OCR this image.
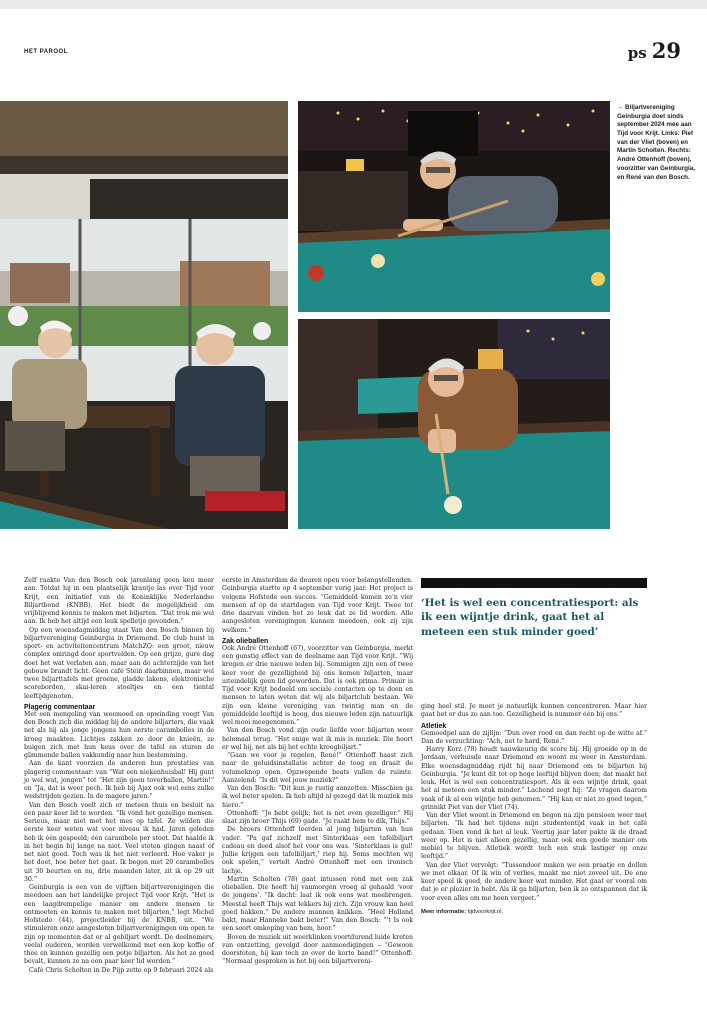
HET PAROOL	ps 29
→ Biljartvereniging Geinburgia doet sinds september 2024 mee aan Tijd voor Krijt. Links: Piet van der Vliet (boven) en Martin Scholten. Rechts: André Ottenhoff (boven), voorzitter van Geinburgia, en René van den Bosch.

Zelf raakte Van den Bosch ook jarenlang geen keu meer aan. Totdat hij in een plaatselijk krantje las over Tijd voor Krijt, een initiatief van de Koninklijke Nederlandse Biljartbond (KNBB). Het biedt de mogelijkheid om vrijblijvend kennis te maken met biljarten. “Dat trok me wel aan. Ik heb het altijd een leuk spelletje gevonden.”

Op een woensdagmiddag staat Van den Bosch binnen bij biljartvereniging Geinburgia in Driemond. De club huist in sport- en activiteitencentrum MatchZO: een groot, nieuw complex omringd door sportvelden. Op een grijze, gure dag doet het wat verlaten aan, maar aan de achterzijde van het gebouw brandt licht. Geen café Stein daarbinnen, maar wel twee biljarttafels met groene, gladde lakens, elektronische scoreborden, skai-leren stoeltjes en een tiental leeftijdgenoten.

Plagerig commentaar

Met een mengeling van weemoed en opwinding voegt Van den Bosch zich die middag bij de andere biljarters, die vaak net als hij als jonge jongens hun eerste carambolles in de kroeg maakten. Lichtjes zakken ze door de knieën, ze buigen zich met hun keus over de tafel en sturen de glimmende ballen vakkundig naar hun bestemming.

Aan de kant voorzien de anderen hun prestaties van plagerig commentaar: van “Wat een niekenhuisbal! Hij gunt je wel wat, jongen” tot “Het zijn geen toverballen, Martin!” en “Ja, dat is weer pech. Ik heb bij Ajax ook wel eens zulke wedstrijden gezien. In de magere jaren.”

Van den Bosch voelt zich er meteen thuis en besluit na een paar keer lid te worden. “Ik vond het gezellige mensen. Serieus, maar niet met het mes op tafel. Ze wilden die eerste keer weten wat voor niveau ik had. Jaren geleden heb ik één gespeeld; één carambole per stoot. Dat haalde ik in het begin bij lange na niet. Veel stoten gingen naast of net niet goed. Toch was ik het niet verleerd. Hoe vaker je het doet, hoe beter het gaat. Ik begon met 20 carambolles uit 30 beurten en nu, drie maanden later, zit ik op 29 uit 30.”

Geinburgia is een van de vijftien biljartverenigingen die meedoen aan het landelijke project Tijd voor Krijt. “Het is een laagdrempelige manier om andere mensen te ontmoeten en kennis te maken met biljarten,” legt Michel Hofstede (44), projectleider bij de KNBB, uit. “We stimuleren onze aangesloten biljartverenigingen om open te zijn op momenten dat er al gebiljart wordt. De deelnemers, veelal ouderen, worden verwelkomd met een kop koffie of thee en kunnen gezellig een potje biljarten. Als het ze goed bevalt, kunnen ze na een paar keer lid worden.”

Café Chris Scholten in De Pijp zette op 9 februari 2024 als

eerste in Amsterdam de deuren open voor belangstellenden. Geinburgia startte op 4 september vorig jaar. Het project is volgens Hofstede een succes. “Gemiddeld komen zo’n vier mensen af op de startdagen van Tijd voor Krijt. Twee tot drie daarvan vinden het zo leuk dat ze lid worden. Alle aangesloten verenigingen kunnen meedoen, ook zij zijn welkom.”

Zak olieballen

Ook André Ottenhoff (67), voorzitter van Geinburgia, merkt een gunstig effect van de deelname aan Tijd voor Krijt. “Wij kregen er drie nieuwe leden bij. Sommigen zijn een of twee keer voor de gezelligheid bij ons komen biljarten, maar uiteindelijk geen lid geworden. Dat is ook prima. Primair is Tijd voor Krijt bedoeld om sociale contacten op te doen en mensen te laten weten dat wij als biljartclub bestaan. We zijn een kleine vereniging van twintig man en de gemiddelde leeftijd is hoog, dus nieuwe leden zijn natuurlijk wel mooi meegenomen.”

Van den Bosch vond zijn oude liefde voor biljarten weer helemaal terug. “Het enige wat ik mis is muziek. Die hoort er wel bij, net als bij het echte kroegbiljart.”

“Gaan we voor je regelen, René!” Ottenhoff haast zich naar de geluidsinstallatie achter de toog en draait de volumeknop open. Opzwepende beats vullen de ruimte. Aanzelend: “Is dit wel jouw muziek?”

Van den Bosch: “Dit kun je rustig aanzetten. Misschien ga ik wel beter spelen. Ik heb altijd al gezegd dat ik muziek mis hiero.”

Ottenhoff: “Je hebt gelijk; het is net even gezelliger.” Hij slaat zijn broer Thijs (69) gade. “Je raakt hem te dik, Thijs.”

De broers Ottenhoff leerden al jong biljarten van hun vader. “Pa gaf zichzelf met Sinterklaas een tafelbiljart cadeau en deed alsof het voor ons was. ‘Sinterklaas is gul! Jullie krijgen een tafelbiljart,’ riep hij. Soms mochten wij ook spelen,” vertelt André Ottenhoff met een ironisch lachje.

Martin Scholten (78) gaat intussen rond met een zak olieballen. Die heeft hij vanmorgen vroeg al gehaald ‘voor de jongens’. “Ik dacht: laat ik ook eens wat meebrengen. Meestal heeft Thijs wat lekkers bij zich. Zijn vrouw kan heel goed bakken.” De andere mannen knikken. “Heel Holland bakt, maar Hanneke bakt beter!” Van den Bosch: “’t Is ook een soort omkoping van hem, hoor.”

Boven de muziek uit weerklinken voortdurend luide kreten van ontzetting, gevolgd door aanmoedigingen – “Gewoon doorstoten, hij kan toch zo over de korte band!” Ottenhoff: “Normaal gesproken is het bij een biljartvereni-

‘Het is wel een concentratiesport: als ik een wijntje drink, gaat het al meteen een stuk minder goed’

ging heel stil. Je moet je natuurlijk kunnen concentreren. Maar hier gaat het er dus zo aan toe. Gezelligheid is nummer één bij ons.”

Atletiek

Gemoedpel aan de zijlijn: “Dun over rood en dan recht op de witte af.” Dan de verzuchting: “Ach, net te hard, René.”

Harry Korz (78) houdt nauwkeurig de score bij. Hij groeide op in de Jordaan, verhuisde naar Driemond en woont nu weer in Amsterdam. Elke woensdagmiddag rijdt hij naar Driemond om te biljarten bij Geinburgia. “Je kunt dit tot op hoge leeftijd blijven doen; dat maakt het leuk. Het is wel een concentratiesport. Als ik een wijntje drink, gaat het al meteen een stuk minder.” Lachend zegt hij: “Ze vragen daarom vaak of ik al een wijntje heb genomen.” “Hij kan er niet zo goed tegen,” grinnikt Piet van der Vliet (74).

Van der Vliet woont in Driemond en begon na zijn pensioen weer met biljarten. “Ik had het tijdens mijn studententijd vaak in het café gedaan. Toen vond ik het al leuk. Veertig jaar later pakte ik de draad weer op. Het is niet alleen gezellig, maar ook een goede manier om mobiel te blijven. Atletiek wordt toch een stuk lastiger op onze leeftijd.”

Van der Vliet vervolgt: “Tussendoor maken we een praatje en dollen we met elkaar. Of ik win of verlies, maakt me niet zoveel uit. De ene keer speel ik goed, de andere keer wat minder. Het gaat er vooral om dat je er plezier in hebt. Als ik ga biljarten, ben ik zo ontspannen dat ik voor even alles om me heen vergeet.”

Meer informatie: tijdvoorkrijt.nl.
